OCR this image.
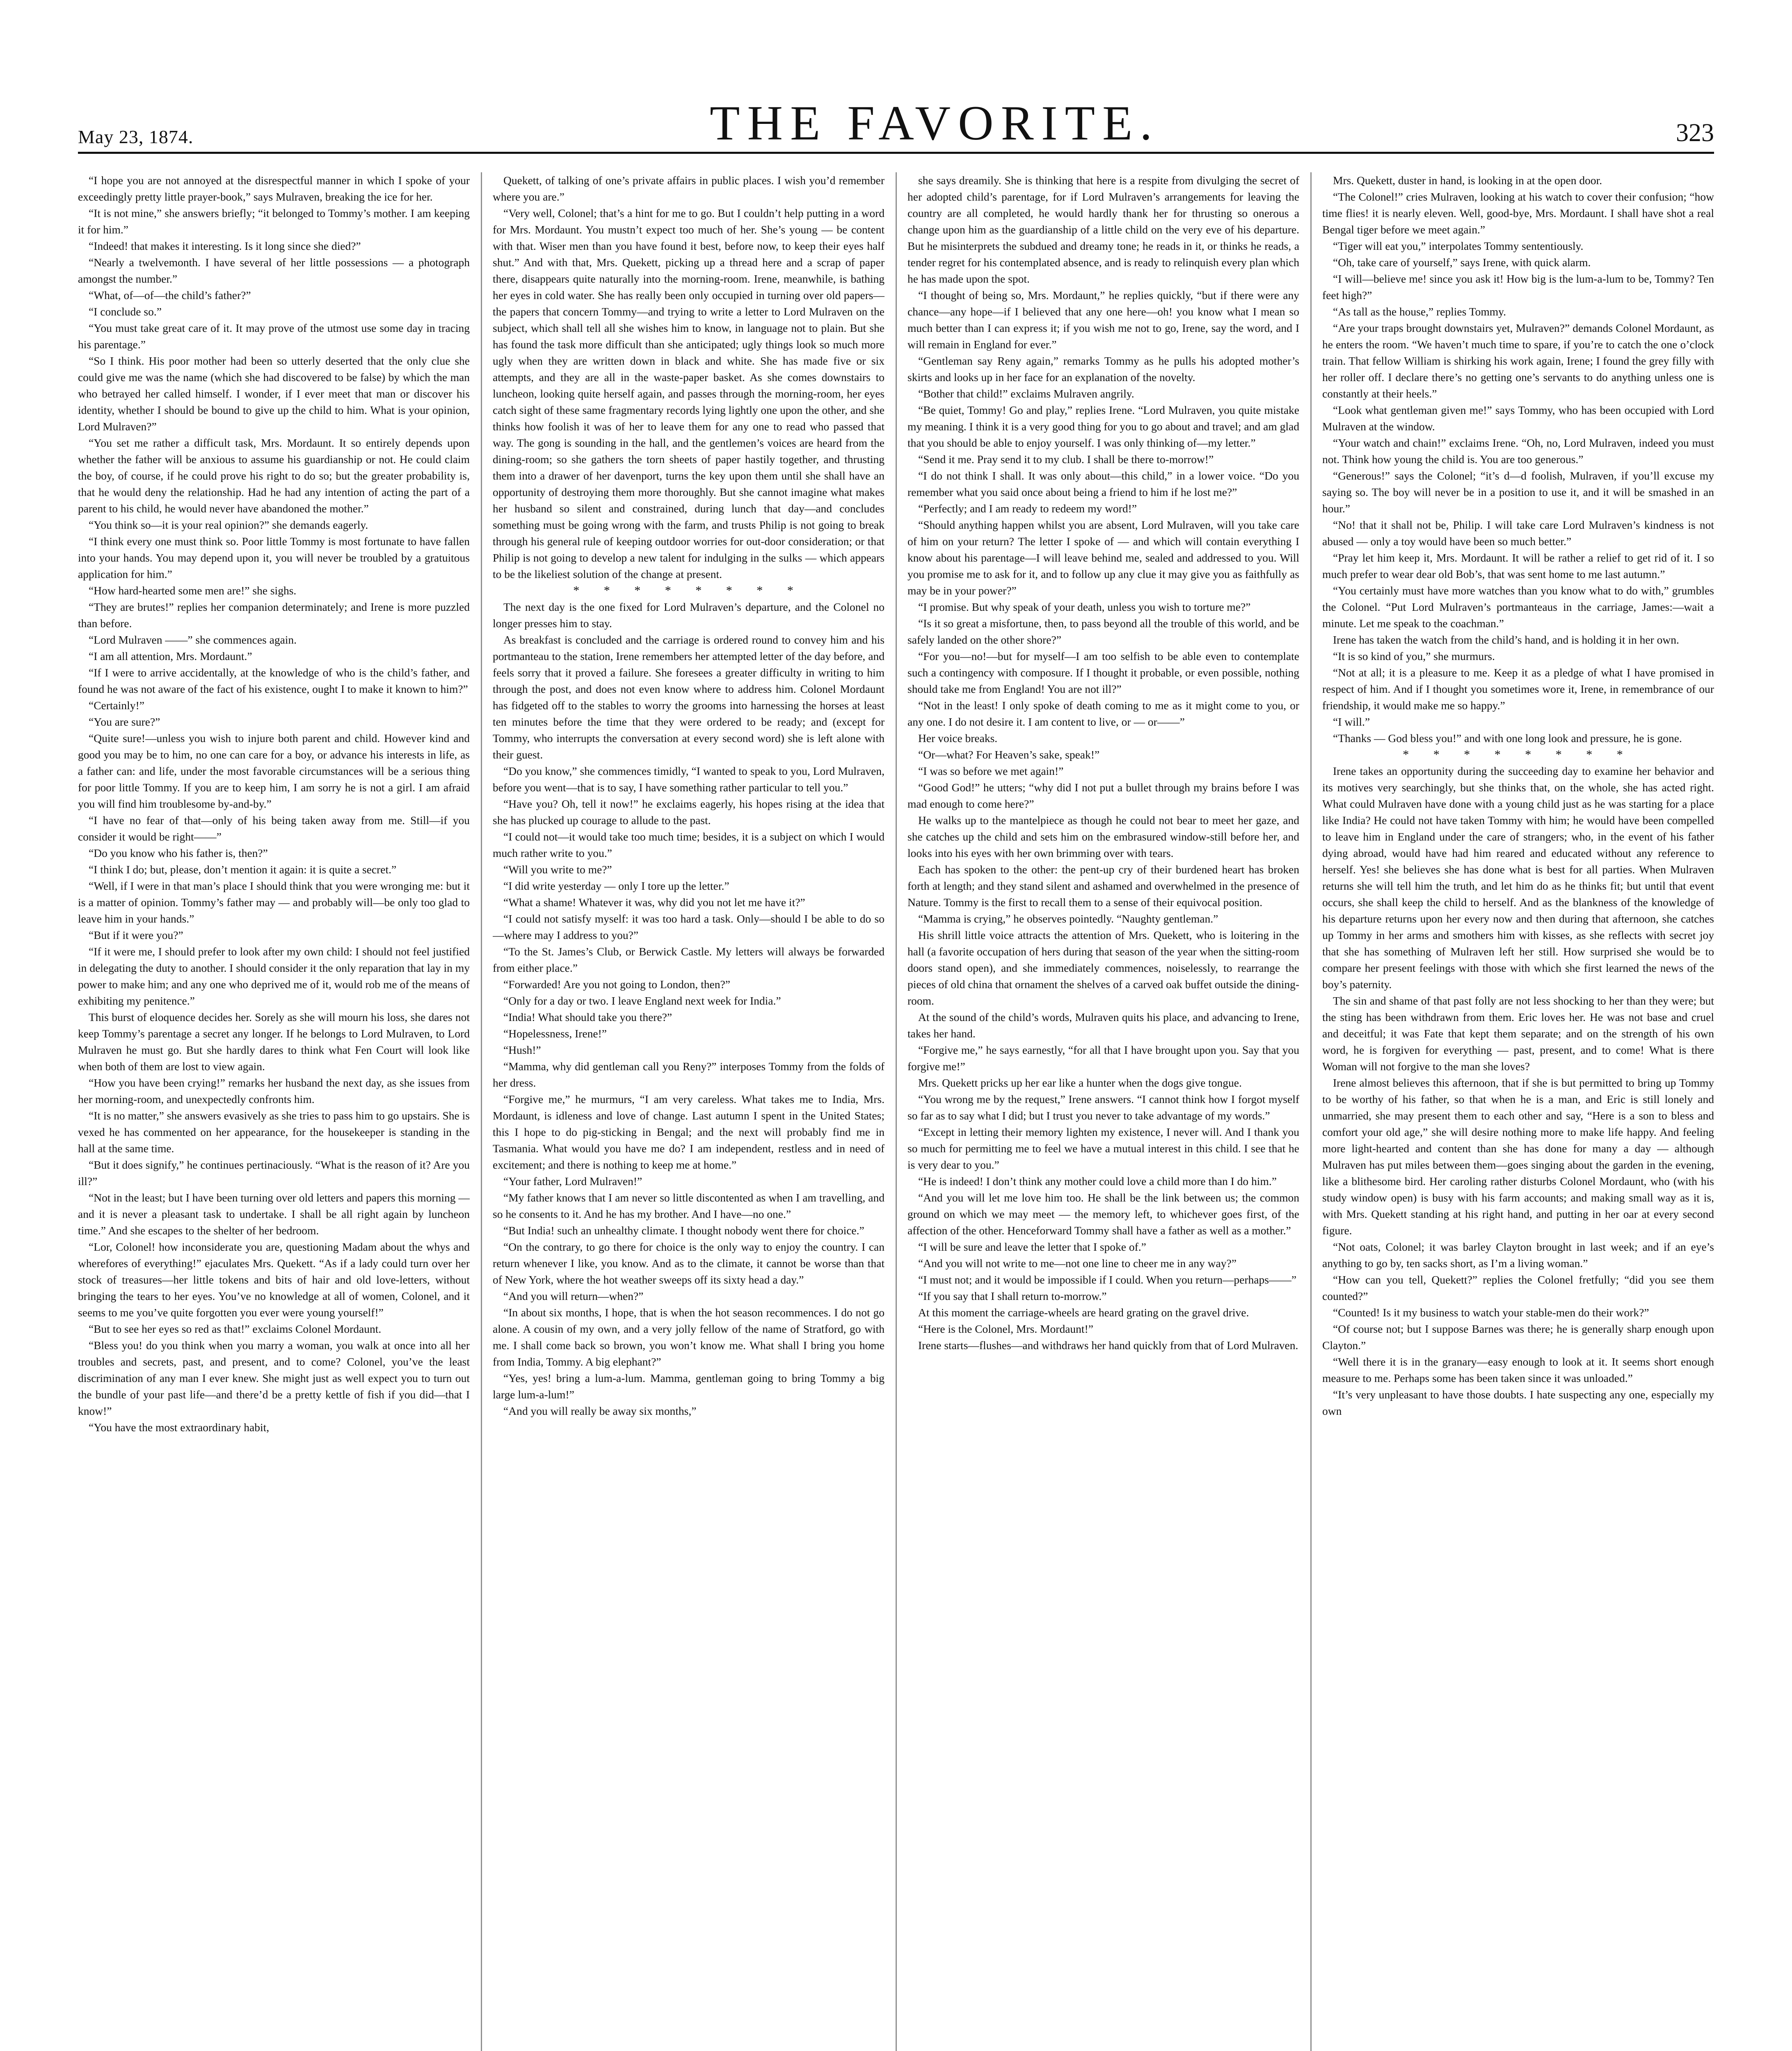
May 23, 1874.	THE FAVORITE.	323

“I hope you are not annoyed at the disrespectful manner in which I spoke of your exceedingly pretty little prayer-book,” says Mulraven, breaking the ice for her.

“It is not mine,” she answers briefly; “it belonged to Tommy’s mother. I am keeping it for him.”

“Indeed! that makes it interesting. Is it long since she died?”

“Nearly a twelvemonth. I have several of her little possessions — a photograph amongst the number.”

“What, of—of—the child’s father?”

“I conclude so.”

“You must take great care of it. It may prove of the utmost use some day in tracing his parentage.”

“So I think. His poor mother had been so utterly deserted that the only clue she could give me was the name (which she had discovered to be false) by which the man who betrayed her called himself. I wonder, if I ever meet that man or discover his identity, whether I should be bound to give up the child to him. What is your opinion, Lord Mulraven?”

“You set me rather a difficult task, Mrs. Mordaunt. It so entirely depends upon whether the father will be anxious to assume his guardianship or not. He could claim the boy, of course, if he could prove his right to do so; but the greater probability is, that he would deny the relationship. Had he had any intention of acting the part of a parent to his child, he would never have abandoned the mother.”

“You think so—it is your real opinion?” she demands eagerly.

“I think every one must think so. Poor little Tommy is most fortunate to have fallen into your hands. You may depend upon it, you will never be troubled by a gratuitous application for him.”

“How hard-hearted some men are!” she sighs.

“They are brutes!” replies her companion determinately; and Irene is more puzzled than before.

“Lord Mulraven ——” she commences again.

“I am all attention, Mrs. Mordaunt.”

“If I were to arrive accidentally, at the knowledge of who is the child’s father, and found he was not aware of the fact of his existence, ought I to make it known to him?”

“Certainly!”

“You are sure?”

“Quite sure!—unless you wish to injure both parent and child. However kind and good you may be to him, no one can care for a boy, or advance his interests in life, as a father can: and life, under the most favorable circumstances will be a serious thing for poor little Tommy. If you are to keep him, I am sorry he is not a girl. I am afraid you will find him troublesome by-and-by.”

“I have no fear of that—only of his being taken away from me. Still—if you consider it would be right——”

“Do you know who his father is, then?”

“I think I do; but, please, don’t mention it again: it is quite a secret.”

“Well, if I were in that man’s place I should think that you were wronging me: but it is a matter of opinion. Tommy’s father may — and probably will—be only too glad to leave him in your hands.”

“But if it were you?”

“If it were me, I should prefer to look after my own child: I should not feel justified in delegating the duty to another. I should consider it the only reparation that lay in my power to make him; and any one who deprived me of it, would rob me of the means of exhibiting my penitence.”

This burst of eloquence decides her. Sorely as she will mourn his loss, she dares not keep Tommy’s parentage a secret any longer. If he belongs to Lord Mulraven, to Lord Mulraven he must go. But she hardly dares to think what Fen Court will look like when both of them are lost to view again.

“How you have been crying!” remarks her husband the next day, as she issues from her morning-room, and unexpectedly confronts him.

“It is no matter,” she answers evasively as she tries to pass him to go upstairs. She is vexed he has commented on her appearance, for the housekeeper is standing in the hall at the same time.

“But it does signify,” he continues pertinaciously. “What is the reason of it? Are you ill?”

“Not in the least; but I have been turning over old letters and papers this morning — and it is never a pleasant task to undertake. I shall be all right again by luncheon time.” And she escapes to the shelter of her bedroom.

“Lor, Colonel! how inconsiderate you are, questioning Madam about the whys and wherefores of everything!” ejaculates Mrs. Quekett. “As if a lady could turn over her stock of treasures—her little tokens and bits of hair and old love-letters, without bringing the tears to her eyes. You’ve no knowledge at all of women, Colonel, and it seems to me you’ve quite forgotten you ever were young yourself!”

“But to see her eyes so red as that!” exclaims Colonel Mordaunt.

“Bless you! do you think when you marry a woman, you walk at once into all her troubles and secrets, past, and present, and to come? Colonel, you’ve the least discrimination of any man I ever knew. She might just as well expect you to turn out the bundle of your past life—and there’d be a pretty kettle of fish if you did—that I know!”

“You have the most extraordinary habit,

Quekett, of talking of one’s private affairs in public places. I wish you’d remember where you are.”

“Very well, Colonel; that’s a hint for me to go. But I couldn’t help putting in a word for Mrs. Mordaunt. You mustn’t expect too much of her. She’s young — be content with that. Wiser men than you have found it best, before now, to keep their eyes half shut.” And with that, Mrs. Quekett, picking up a thread here and a scrap of paper there, disappears quite naturally into the morning-room. Irene, meanwhile, is bathing her eyes in cold water. She has really been only occupied in turning over old papers—the papers that concern Tommy—and trying to write a letter to Lord Mulraven on the subject, which shall tell all she wishes him to know, in language not to plain. But she has found the task more difficult than she anticipated; ugly things look so much more ugly when they are written down in black and white. She has made five or six attempts, and they are all in the waste-paper basket. As she comes downstairs to luncheon, looking quite herself again, and passes through the morning-room, her eyes catch sight of these same fragmentary records lying lightly one upon the other, and she thinks how foolish it was of her to leave them for any one to read who passed that way. The gong is sounding in the hall, and the gentlemen’s voices are heard from the dining-room; so she gathers the torn sheets of paper hastily together, and thrusting them into a drawer of her davenport, turns the key upon them until she shall have an opportunity of destroying them more thoroughly. But she cannot imagine what makes her husband so silent and constrained, during lunch that day—and concludes something must be going wrong with the farm, and trusts Philip is not going to break through his general rule of keeping outdoor worries for out-door consideration; or that Philip is not going to develop a new talent for indulging in the sulks — which appears to be the likeliest solution of the change at present.

* * * * * * * *

The next day is the one fixed for Lord Mulraven’s departure, and the Colonel no longer presses him to stay.

As breakfast is concluded and the carriage is ordered round to convey him and his portmanteau to the station, Irene remembers her attempted letter of the day before, and feels sorry that it proved a failure. She foresees a greater difficulty in writing to him through the post, and does not even know where to address him. Colonel Mordaunt has fidgeted off to the stables to worry the grooms into harnessing the horses at least ten minutes before the time that they were ordered to be ready; and (except for Tommy, who interrupts the conversation at every second word) she is left alone with their guest.

“Do you know,” she commences timidly, “I wanted to speak to you, Lord Mulraven, before you went—that is to say, I have something rather particular to tell you.”

“Have you? Oh, tell it now!” he exclaims eagerly, his hopes rising at the idea that she has plucked up courage to allude to the past.

“I could not—it would take too much time; besides, it is a subject on which I would much rather write to you.”

“Will you write to me?”

“I did write yesterday — only I tore up the letter.”

“What a shame! Whatever it was, why did you not let me have it?”

“I could not satisfy myself: it was too hard a task. Only—should I be able to do so—where may I address to you?”

“To the St. James’s Club, or Berwick Castle. My letters will always be forwarded from either place.”

“Forwarded! Are you not going to London, then?”

“Only for a day or two. I leave England next week for India.”

“India! What should take you there?”

“Hopelessness, Irene!”

“Hush!”

“Mamma, why did gentleman call you Reny?” interposes Tommy from the folds of her dress.

“Forgive me,” he murmurs, “I am very careless. What takes me to India, Mrs. Mordaunt, is idleness and love of change. Last autumn I spent in the United States; this I hope to do pig-sticking in Bengal; and the next will probably find me in Tasmania. What would you have me do? I am independent, restless and in need of excitement; and there is nothing to keep me at home.”

“Your father, Lord Mulraven!”

“My father knows that I am never so little discontented as when I am travelling, and so he consents to it. And he has my brother. And I have—no one.”

“But India! such an unhealthy climate. I thought nobody went there for choice.”

“On the contrary, to go there for choice is the only way to enjoy the country. I can return whenever I like, you know. And as to the climate, it cannot be worse than that of New York, where the hot weather sweeps off its sixty head a day.”

“And you will return—when?”

“In about six months, I hope, that is when the hot season recommences. I do not go alone. A cousin of my own, and a very jolly fellow of the name of Stratford, go with me. I shall come back so brown, you won’t know me. What shall I bring you home from India, Tommy. A big elephant?”

“Yes, yes! bring a lum-a-lum. Mamma, gentleman going to bring Tommy a big large lum-a-lum!”

“And you will really be away six months,”

she says dreamily. She is thinking that here is a respite from divulging the secret of her adopted child’s parentage, for if Lord Mulraven’s arrangements for leaving the country are all completed, he would hardly thank her for thrusting so onerous a change upon him as the guardianship of a little child on the very eve of his departure. But he misinterprets the subdued and dreamy tone; he reads in it, or thinks he reads, a tender regret for his contemplated absence, and is ready to relinquish every plan which he has made upon the spot.

“I thought of being so, Mrs. Mordaunt,” he replies quickly, “but if there were any chance—any hope—if I believed that any one here—oh! you know what I mean so much better than I can express it; if you wish me not to go, Irene, say the word, and I will remain in England for ever.”

“Gentleman say Reny again,” remarks Tommy as he pulls his adopted mother’s skirts and looks up in her face for an explanation of the novelty.

“Bother that child!” exclaims Mulraven angrily.

“Be quiet, Tommy! Go and play,” replies Irene. “Lord Mulraven, you quite mistake my meaning. I think it is a very good thing for you to go about and travel; and am glad that you should be able to enjoy yourself. I was only thinking of—my letter.”

“Send it me. Pray send it to my club. I shall be there to-morrow!”

“I do not think I shall. It was only about—this child,” in a lower voice. “Do you remember what you said once about being a friend to him if he lost me?”

“Perfectly; and I am ready to redeem my word!”

“Should anything happen whilst you are absent, Lord Mulraven, will you take care of him on your return? The letter I spoke of — and which will contain everything I know about his parentage—I will leave behind me, sealed and addressed to you. Will you promise me to ask for it, and to follow up any clue it may give you as faithfully as may be in your power?”

“I promise. But why speak of your death, unless you wish to torture me?”

“Is it so great a misfortune, then, to pass beyond all the trouble of this world, and be safely landed on the other shore?”

“For you—no!—but for myself—I am too selfish to be able even to contemplate such a contingency with composure. If I thought it probable, or even possible, nothing should take me from England! You are not ill?”

“Not in the least! I only spoke of death coming to me as it might come to you, or any one. I do not desire it. I am content to live, or — or——”

Her voice breaks.

“Or—what? For Heaven’s sake, speak!”

“I was so before we met again!”

“Good God!” he utters; “why did I not put a bullet through my brains before I was mad enough to come here?”

He walks up to the mantelpiece as though he could not bear to meet her gaze, and she catches up the child and sets him on the embrasured window-still before her, and looks into his eyes with her own brimming over with tears.

Each has spoken to the other: the pent-up cry of their burdened heart has broken forth at length; and they stand silent and ashamed and overwhelmed in the presence of Nature. Tommy is the first to recall them to a sense of their equivocal position.

“Mamma is crying,” he observes pointedly. “Naughty gentleman.”

His shrill little voice attracts the attention of Mrs. Quekett, who is loitering in the hall (a favorite occupation of hers during that season of the year when the sitting-room doors stand open), and she immediately commences, noiselessly, to rearrange the pieces of old china that ornament the shelves of a carved oak buffet outside the dining-room.

At the sound of the child’s words, Mulraven quits his place, and advancing to Irene, takes her hand.

“Forgive me,” he says earnestly, “for all that I have brought upon you. Say that you forgive me!”

Mrs. Quekett pricks up her ear like a hunter when the dogs give tongue.

“You wrong me by the request,” Irene answers. “I cannot think how I forgot myself so far as to say what I did; but I trust you never to take advantage of my words.”

“Except in letting their memory lighten my existence, I never will. And I thank you so much for permitting me to feel we have a mutual interest in this child. I see that he is very dear to you.”

“He is indeed! I don’t think any mother could love a child more than I do him.”

“And you will let me love him too. He shall be the link between us; the common ground on which we may meet — the memory left, to whichever goes first, of the affection of the other. Henceforward Tommy shall have a father as well as a mother.”

“I will be sure and leave the letter that I spoke of.”

“And you will not write to me—not one line to cheer me in any way?”

“I must not; and it would be impossible if I could. When you return—perhaps——”

“If you say that I shall return to-morrow.”

At this moment the carriage-wheels are heard grating on the gravel drive.

“Here is the Colonel, Mrs. Mordaunt!”

Irene starts—flushes—and withdraws her hand quickly from that of Lord Mulraven.

Mrs. Quekett, duster in hand, is looking in at the open door.

“The Colonel!” cries Mulraven, looking at his watch to cover their confusion; “how time flies! it is nearly eleven. Well, good-bye, Mrs. Mordaunt. I shall have shot a real Bengal tiger before we meet again.”

“Tiger will eat you,” interpolates Tommy sententiously.

“Oh, take care of yourself,” says Irene, with quick alarm.

“I will—believe me! since you ask it! How big is the lum-a-lum to be, Tommy? Ten feet high?”

“As tall as the house,” replies Tommy.

“Are your traps brought downstairs yet, Mulraven?” demands Colonel Mordaunt, as he enters the room. “We haven’t much time to spare, if you’re to catch the one o’clock train. That fellow William is shirking his work again, Irene; I found the grey filly with her roller off. I declare there’s no getting one’s servants to do anything unless one is constantly at their heels.”

“Look what gentleman given me!” says Tommy, who has been occupied with Lord Mulraven at the window.

“Your watch and chain!” exclaims Irene. “Oh, no, Lord Mulraven, indeed you must not. Think how young the child is. You are too generous.”

“Generous!” says the Colonel; “it’s d—d foolish, Mulraven, if you’ll excuse my saying so. The boy will never be in a position to use it, and it will be smashed in an hour.”

“No! that it shall not be, Philip. I will take care Lord Mulraven’s kindness is not abused — only a toy would have been so much better.”

“Pray let him keep it, Mrs. Mordaunt. It will be rather a relief to get rid of it. I so much prefer to wear dear old Bob’s, that was sent home to me last autumn.”

“You certainly must have more watches than you know what to do with,” grumbles the Colonel. “Put Lord Mulraven’s portmanteaus in the carriage, James:—wait a minute. Let me speak to the coachman.”

Irene has taken the watch from the child’s hand, and is holding it in her own.

“It is so kind of you,” she murmurs.

“Not at all; it is a pleasure to me. Keep it as a pledge of what I have promised in respect of him. And if I thought you sometimes wore it, Irene, in remembrance of our friendship, it would make me so happy.”

“I will.”

“Thanks — God bless you!” and with one long look and pressure, he is gone.

* * * * * * * *

Irene takes an opportunity during the succeeding day to examine her behavior and its motives very searchingly, but she thinks that, on the whole, she has acted right. What could Mulraven have done with a young child just as he was starting for a place like India? He could not have taken Tommy with him; he would have been compelled to leave him in England under the care of strangers; who, in the event of his father dying abroad, would have had him reared and educated without any reference to herself. Yes! she believes she has done what is best for all parties. When Mulraven returns she will tell him the truth, and let him do as he thinks fit; but until that event occurs, she shall keep the child to herself. And as the blankness of the knowledge of his departure returns upon her every now and then during that afternoon, she catches up Tommy in her arms and smothers him with kisses, as she reflects with secret joy that she has something of Mulraven left her still. How surprised she would be to compare her present feelings with those with which she first learned the news of the boy’s paternity.

The sin and shame of that past folly are not less shocking to her than they were; but the sting has been withdrawn from them. Eric loves her. He was not base and cruel and deceitful; it was Fate that kept them separate; and on the strength of his own word, he is forgiven for everything — past, present, and to come! What is there Woman will not forgive to the man she loves?

Irene almost believes this afternoon, that if she is but permitted to bring up Tommy to be worthy of his father, so that when he is a man, and Eric is still lonely and unmarried, she may present them to each other and say, “Here is a son to bless and comfort your old age,” she will desire nothing more to make life happy. And feeling more light-hearted and content than she has done for many a day — although Mulraven has put miles between them—goes singing about the garden in the evening, like a blithesome bird. Her caroling rather disturbs Colonel Mordaunt, who (with his study window open) is busy with his farm accounts; and making small way as it is, with Mrs. Quekett standing at his right hand, and putting in her oar at every second figure.

“Not oats, Colonel; it was barley Clayton brought in last week; and if an eye’s anything to go by, ten sacks short, as I’m a living woman.”

“How can you tell, Quekett?” replies the Colonel fretfully; “did you see them counted?”

“Counted! Is it my business to watch your stable-men do their work?”

“Of course not; but I suppose Barnes was there; he is generally sharp enough upon Clayton.”

“Well there it is in the granary—easy enough to look at it. It seems short enough measure to me. Perhaps some has been taken since it was unloaded.”

“It’s very unpleasant to have those doubts. I hate suspecting any one, especially my own
